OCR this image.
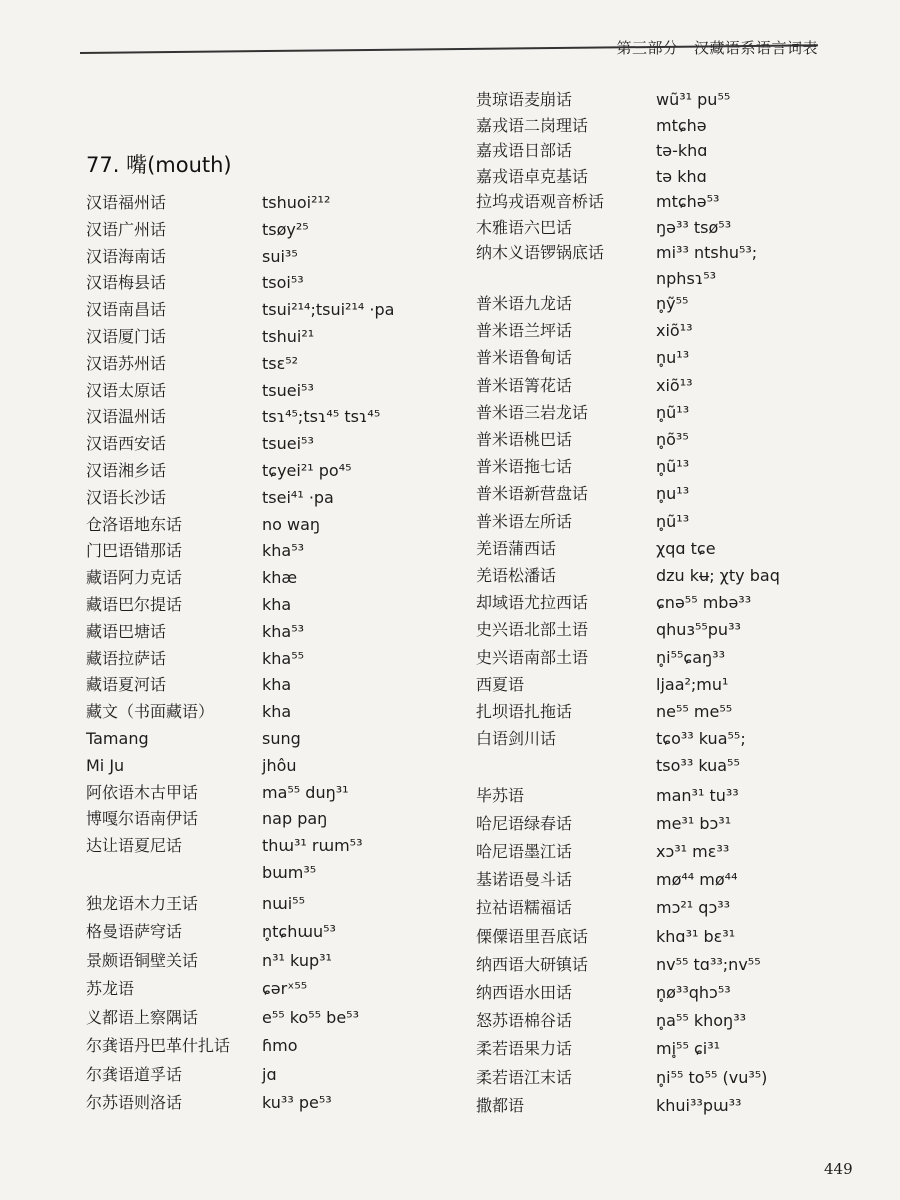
第三部分　汉藏语系语言词表
77. 嘴(mouth)
汉语福州话	tshuoi²¹²
汉语广州话	tsøy²⁵
汉语海南话	sui³⁵
汉语梅县话	tsoi⁵³
汉语南昌话	tsui²¹⁴;tsui²¹⁴ ·pa
汉语厦门话	tshui²¹
汉语苏州话	tsɛ⁵²
汉语太原话	tsuei⁵³
汉语温州话	tsɿ⁴⁵;tsɿ⁴⁵ tsɿ⁴⁵
汉语西安话	tsuei⁵³
汉语湘乡话	tɕyei²¹ po⁴⁵
汉语长沙话	tsei⁴¹ ·pa
仓洛语地东话	no waŋ
门巴语错那话	kha⁵³
藏语阿力克话	khæ
藏语巴尔提话	kha
藏语巴塘话	kha⁵³
藏语拉萨话	kha⁵⁵
藏语夏河话	kha
藏文（书面藏语）	kha
Tamang	sung
Mi Ju	jhôu
阿依语木古甲话	ma⁵⁵ duŋ³¹
博嘎尔语南伊话	nap paŋ
达让语夏尼话	thɯ³¹ rɯm⁵³
bɯm³⁵
独龙语木力王话	nɯi⁵⁵
格曼语萨穹话	n̥tɕhɯu⁵³
景颇语铜壁关话	n³¹ kup³¹
苏龙语	ɕərˣ⁵⁵
义都语上察隅话	e⁵⁵ ko⁵⁵ be⁵³
尔龚语丹巴革什扎话 ɦmo
尔龚语道孚话	jɑ
尔苏语则洛话	ku³³ pe⁵³
贵琼语麦崩话	wũ³¹ pu⁵⁵
嘉戎语二岗理话	mtɕhə
嘉戎语日部话	tə-khɑ
嘉戎语卓克基话	tə khɑ
拉坞戎语观音桥话	mtɕhə⁵³
木雅语六巴话	ŋə³³ tsø⁵³
纳木义语锣锅底话	mi³³ ntshu⁵³;
nphsɿ⁵³
普米语九龙话	n̥ỹ⁵⁵
普米语兰坪话	xiõ¹³
普米语鲁甸话	n̥u¹³
普米语箐花话	xiõ¹³
普米语三岩龙话	n̥ũ¹³
普米语桃巴话	n̥õ³⁵
普米语拖七话	n̥ũ¹³
普米语新营盘话	n̥u¹³
普米语左所话	n̥ũ¹³
羌语蒲西话	χqɑ tɕe
羌语松潘话	dzu kʉ; χty baq
却域语尤拉西话	ɕnə⁵⁵ mbə³³
史兴语北部土语	qhuɜ⁵⁵pu³³
史兴语南部土语	n̥i⁵⁵ɕaŋ³³
西夏语	ljaa²;mu¹
扎坝语扎拖话	ne⁵⁵ me⁵⁵
白语剑川话	tɕo³³ kua⁵⁵;
tso³³ kua⁵⁵
毕苏语	man³¹ tu³³
哈尼语绿春话	me³¹ bɔ³¹
哈尼语墨江话	xɔ³¹ mɛ³³
基诺语曼斗话	mø⁴⁴ mø⁴⁴
拉祜语糯福话	mɔ²¹ qɔ³³
傈僳语里吾底话	khɑ³¹ bɛ³¹
纳西语大研镇话	nv⁵⁵ tɑ³³;nv⁵⁵
纳西语水田话	n̥ø³³qhɔ⁵³
怒苏语棉谷话	n̥a⁵⁵ khoŋ³³
柔若语果力话	mi̥⁵⁵ ɕi³¹
柔若语江末话	n̥i⁵⁵ to⁵⁵ (vu³⁵)
撒都语	khui³³pɯ³³
449
